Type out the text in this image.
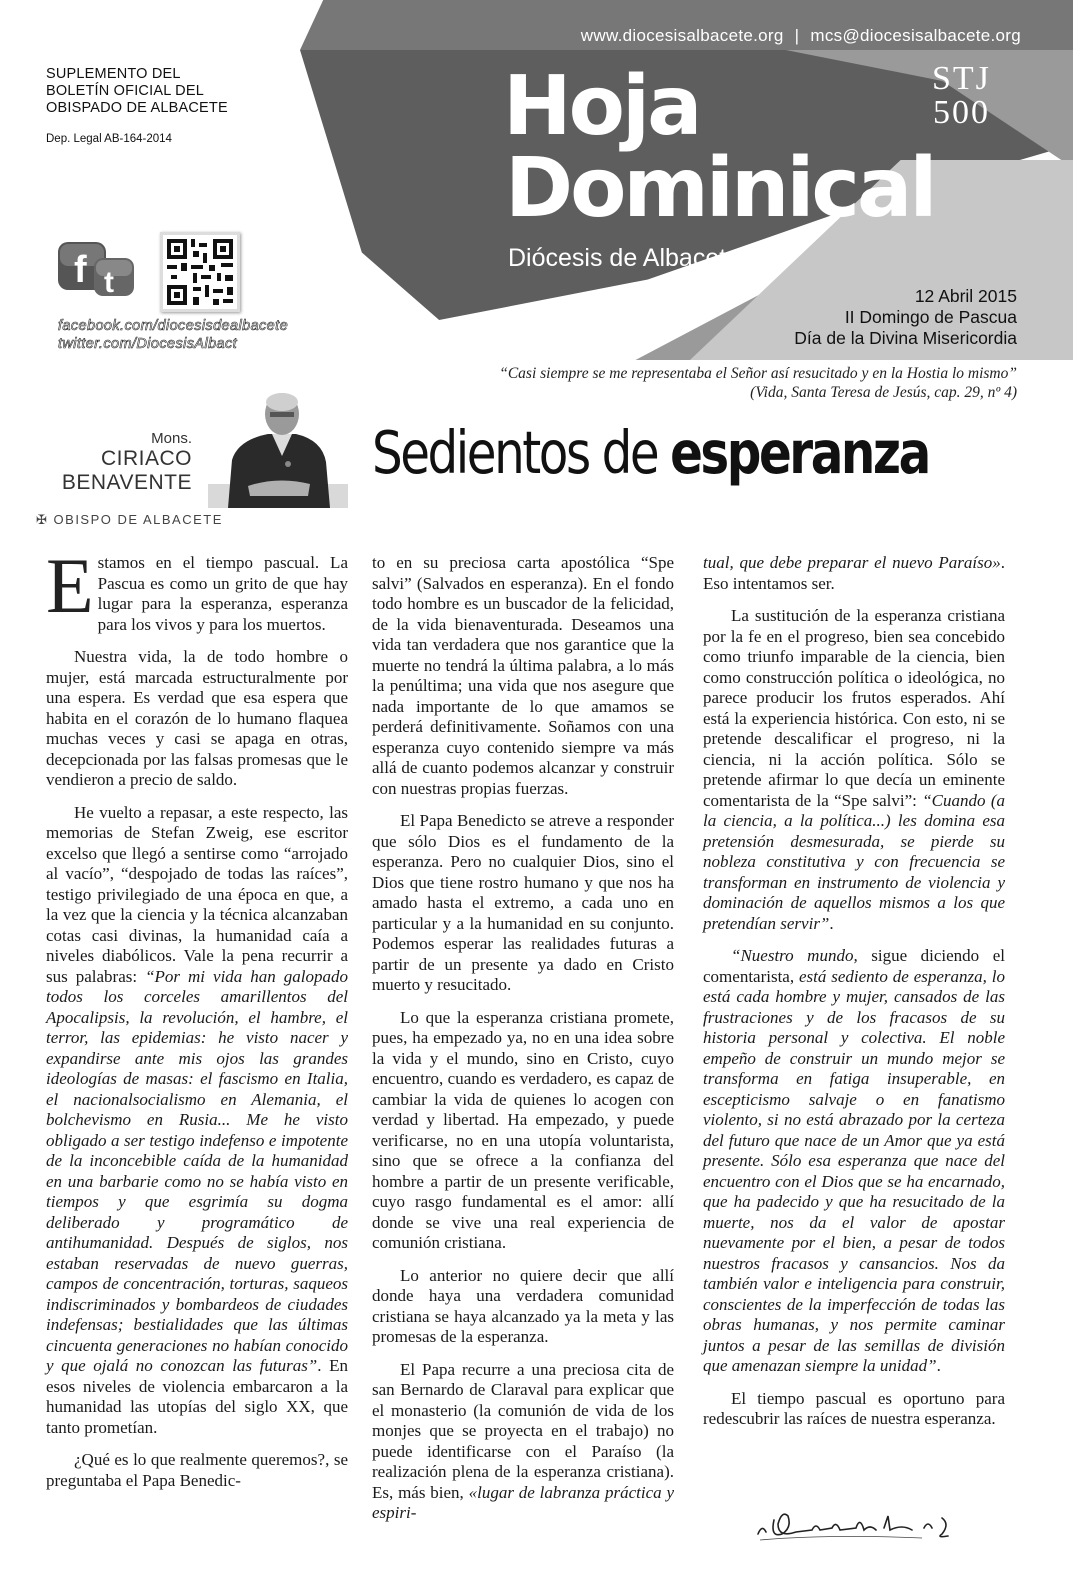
www.diocesisalbacete.org | mcs@diocesisalbacete.org
SUPLEMENTO DEL
BOLETÍN OFICIAL DEL
OBISPADO DE ALBACETE
Dep. Legal AB-164-2014	Hoja
Dominical
Diócesis de Albacete
STJ
500
12 Abril 2015
II Domingo de Pascua
Día de la Divina Misericordia
“Casi siempre se me representaba el Señor así resucitado y en la Hostia lo mismo”
(Vida, Santa Teresa de Jesús, cap. 29, nº 4)
f t
facebook.com/diocesisdealbacete
twitter.com/DiocesisAlbact
Mons.
CIRIACO
BENAVENTE
✠ OBISPO DE ALBACETE
Sedientos de esperanza

Estamos en el tiempo pascual. La Pascua es como un grito de que hay lugar para la esperanza, esperanza para los vivos y para los muertos.

Nuestra vida, la de todo hombre o mujer, está marcada estructuralmente por una espera. Es verdad que esa espera que habita en el corazón de lo humano flaquea muchas veces y casi se apaga en otras, decepcionada por las falsas promesas que le vendieron a precio de saldo.

He vuelto a repasar, a este respecto, las memorias de Stefan Zweig, ese escritor excelso que llegó a sentirse como “arrojado al vacío”, “despojado de todas las raíces”, testigo privilegiado de una época en que, a la vez que la ciencia y la técnica alcanzaban cotas casi divinas, la humanidad caía a niveles diabólicos. Vale la pena recurrir a sus palabras: “Por mi vida han galopado todos los corceles amarillentos del Apocalipsis, la revolución, el hambre, el terror, las epidemias: he visto nacer y expandirse ante mis ojos las grandes ideologías de masas: el fascismo en Italia, el nacionalsocialismo en Alemania, el bolchevismo en Rusia... Me he visto obligado a ser testigo indefenso e impotente de la inconcebible caída de la humanidad en una barbarie como no se había visto en tiempos y que esgrimía su dogma deliberado y programático de antihumanidad. Después de siglos, nos estaban reservadas de nuevo guerras, campos de concentración, torturas, saqueos indiscriminados y bombardeos de ciudades indefensas; bestialidades que las últimas cincuenta generaciones no habían conocido y que ojalá no conozcan las futuras”. En esos niveles de violencia embarcaron a la humanidad las utopías del siglo XX, que tanto prometían.

¿Qué es lo que realmente queremos?, se preguntaba el Papa Benedic-

to en su preciosa carta apostólica “Spe salvi” (Salvados en esperanza). En el fondo todo hombre es un buscador de la felicidad, de la vida bienaventurada. Deseamos una vida tan verdadera que nos garantice que la muerte no tendrá la última palabra, a lo más la penúltima; una vida que nos asegure que nada importante de lo que amamos se perderá definitivamente. Soñamos con una esperanza cuyo contenido siempre va más allá de cuanto podemos alcanzar y construir con nuestras propias fuerzas.

El Papa Benedicto se atreve a responder que sólo Dios es el fundamento de la esperanza. Pero no cualquier Dios, sino el Dios que tiene rostro humano y que nos ha amado hasta el extremo, a cada uno en particular y a la humanidad en su conjunto. Podemos esperar las realidades futuras a partir de un presente ya dado en Cristo muerto y resucitado.

Lo que la esperanza cristiana promete, pues, ha empezado ya, no en una idea sobre la vida y el mundo, sino en Cristo, cuyo encuentro, cuando es verdadero, es capaz de cambiar la vida de quienes lo acogen con verdad y libertad. Ha empezado, y puede verificarse, no en una utopía voluntarista, sino que se ofrece a la confianza del hombre a partir de un presente verificable, cuyo rasgo fundamental es el amor: allí donde se vive una real experiencia de comunión cristiana.

Lo anterior no quiere decir que allí donde haya una verdadera comunidad cristiana se haya alcanzado ya la meta y las promesas de la esperanza.

El Papa recurre a una preciosa cita de san Bernardo de Claraval para explicar que el monasterio (la comunión de vida de los monjes que se proyecta en el trabajo) no puede identificarse con el Paraíso (la realización plena de la esperanza cristiana). Es, más bien, «lugar de labranza práctica y espiri-

tual, que debe preparar el nuevo Paraíso». Eso intentamos ser.

La sustitución de la esperanza cristiana por la fe en el progreso, bien sea concebido como triunfo imparable de la ciencia, bien como construcción política o ideológica, no parece producir los frutos esperados. Ahí está la experiencia histórica. Con esto, ni se pretende descalificar el progreso, ni la ciencia, ni la acción política. Sólo se pretende afirmar lo que decía un eminente comentarista de la “Spe salvi”: “Cuando (a la ciencia, a la política...) les domina esa pretensión desmesurada, se pierde su nobleza constitutiva y con frecuencia se transforman en instrumento de violencia y dominación de aquellos mismos a los que pretendían servir”.

“Nuestro mundo, sigue diciendo el comentarista, está sediento de esperanza, lo está cada hombre y mujer, cansados de las frustraciones y de los fracasos de su historia personal y colectiva. El noble empeño de construir un mundo mejor se transforma en fatiga insuperable, en escepticismo salvaje o en fanatismo violento, si no está abrazado por la certeza del futuro que nace de un Amor que ya está presente. Sólo esa esperanza que nace del encuentro con el Dios que se ha encarnado, que ha padecido y que ha resucitado de la muerte, nos da el valor de apostar nuevamente por el bien, a pesar de todos nuestros fracasos y cansancios. Nos da también valor e inteligencia para construir, conscientes de la imperfección de todas las obras humanas, y nos permite caminar juntos a pesar de las semillas de división que amenazan siempre la unidad”.

El tiempo pascual es oportuno para redescubrir las raíces de nuestra esperanza.
